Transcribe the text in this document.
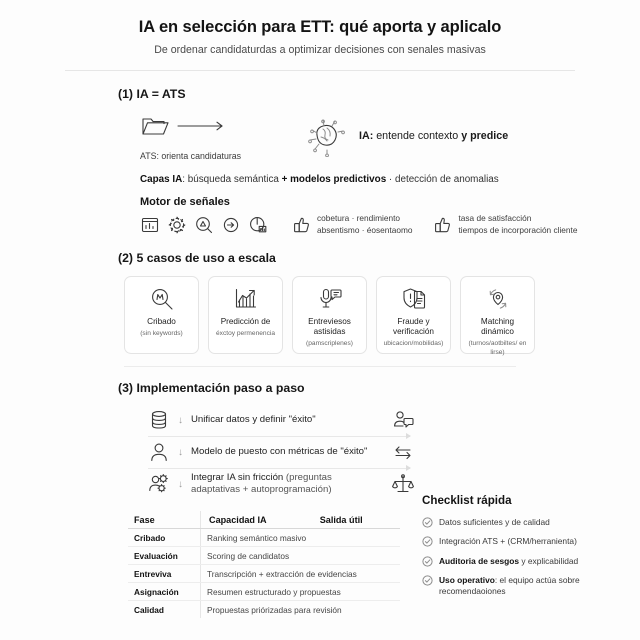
IA en selección para ETT: qué aporta y aplicalo

De ordenar candidaturdas a optimizar decisiones con senales masivas

(1) IA = ATS
ATS: orienta candidaturas
IA: entende contexto y predice
Capas IA: búsqueda semántica + modelos predictivos · detección de anomalias
Motor de señales
cobetura · rendimiento
absentismo · éosentaomo
tasa de satisfacción
tiempos de incorporación cliente
(2) 5 casos de uso a escala
Cribado
(sin keywords)
Predicción de
éxctoy permenencia
Entreviesos astisidas
(pamscriplenes)
Fraude y verificación
ubicacion/mobilidas)
Matching dinámico
(turnos/aotbiltes/ en lirse)
(3) Implementación paso a paso
↓ Unificar datos y definir "éxito"
↓ Modelo de puesto con métricas de "éxito"
↓
Integrar IA sin fricción (preguntas adaptativas + autoprogramación)
Fase	Capacidad IA	Salida útil
Cribado	Ranking semántico masivo	
Evaluación	Scoring de candidatos	
Entreviva	Transcripción + extracción de evidencias	
Asignación	Resumen estructurado y propuestas	
Calidad	Propuestas priórizadas para revisión	
Checklist rápida
Datos suficientes y de calidad
Integración ATS + (CRM/herranienta)
Auditoria de sesgos y explicabilidad
Uso operativo: el equipo actúa sobre recomendaoiones
